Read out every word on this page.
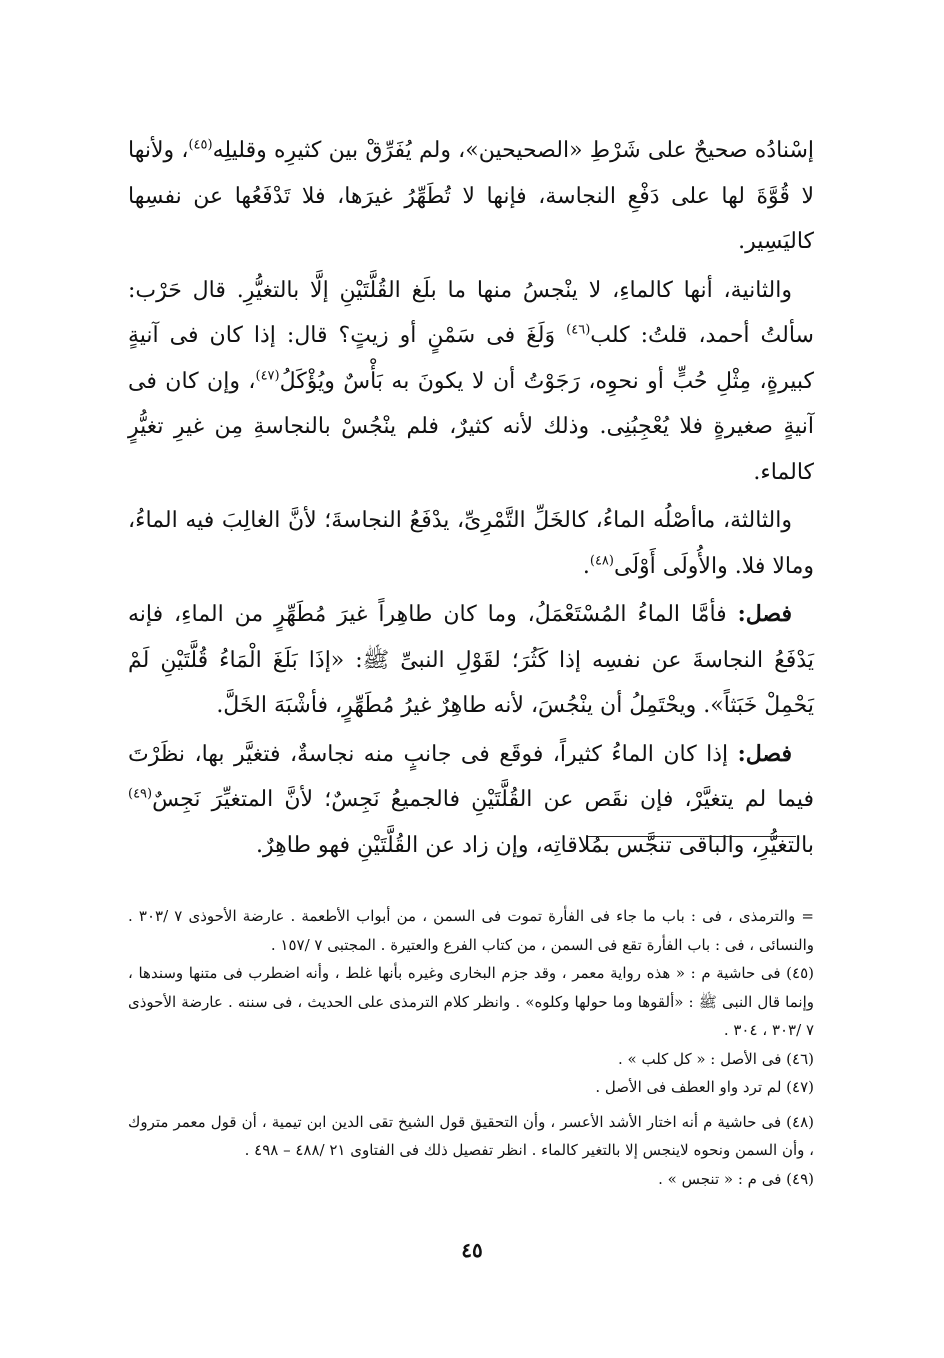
إسْنادُه صحيحٌ على شَرْطِ «الصحيحين»، ولم يُفَرِّقْ بين كثيرِه وقليلِه$^{(٤٥)}$، ولأنها لا قُوَّةَ لها على دَفْعِ النجاسة، فإنها لا تُطَهِّرُ غيرَها، فلا تَدْفَعُها عن نفسِها كاليَسِير.

والثانية، أنها كالماءِ، لا ينْجسُ منها ما بلَغ القُلَّتَيْنِ إلَّا بالتغيُّرِ. قال حَرْب: سألتُ أحمد، قلتُ: كلب$^{(٤٦)}$ وَلَغَ فى سَمْنٍ أو زيتٍ؟ قال: إذا كان فى آنيةٍ كبيرةٍ، مِثْلِ حُبٍّ أو نحوِه، رَجَوْتُ أن لا يكونَ به بَأْسٌ ويُؤْكَلُ$^{(٤٧)}$، وإن كان فى آنيةٍ صغيرةٍ فلا يُعْجِبُنِى. وذلك لأنه كثيرٌ، فلم ينْجُسْ بالنجاسةِ مِن غيرِ تغيُّرٍ كالماء.

والثالثة، ماأصْلُه الماءُ، كالخَلِّ التَّمْرِىِّ، يدْفَعُ النجاسةَ؛ لأنَّ الغالِبَ فيه الماءُ، ومالا فلا. والأُولَى أَوْلَى$^{(٤٨)}$.

فصل: فأمَّا الماءُ المُسْتَعْمَلُ، وما كان طاهِراً غيرَ مُطَهِّرٍ من الماءِ، فإنه يَدْفَعُ النجاسةَ عن نفسِه إذا كَثُرَ؛ لقَوْلِ النبىِّ ﷺ: «إذَا بَلَغَ الْمَاءُ قُلَّتَيْنِ لَمْ يَحْمِلْ خَبَثاً». ويحْتَمِلُ أن ينْجُسَ، لأنه طاهِرٌ غيرُ مُطَهِّرٍ، فأشْبَهَ الخَلَّ.

فصل: إذا كان الماءُ كثيراً، فوقَع فى جانبٍ منه نجاسةٌ، فتغيَّر بها، نظَرْتَ فيما لم يتغيَّرْ، فإن نقَص عن القُلَّتَيْنِ فالجميعُ نَجِسٌ؛ لأنَّ المتغيِّرَ نَجِسٌ$^{(٤٩)}$ بالتغيُّرِ، والباقى تنجَّس بمُلاقاتِه، وإن زاد عن القُلَّتَيْنِ فهو طاهِرٌ.

= والترمذى ، فى : باب ما جاء فى الفأرة تموت فى السمن ، من أبواب الأطعمة . عارضة الأحوذى ٧ /٣٠٣ . والنسائى ، فى : باب الفأرة تقع فى السمن ، من كتاب الفرع والعتيرة . المجتبى ٧ /١٥٧ .

(٤٥) فى حاشية م : « هذه رواية معمر ، وقد جزم البخارى وغيره بأنها غلط ، وأنه اضطرب فى متنها وسندها ، وإنما قال النبى ﷺ : «ألقوها وما حولها وكلوه» . وانظر كلام الترمذى على الحديث ، فى سننه . عارضة الأحوذى ٧ /٣٠٣ ، ٣٠٤ .

(٤٦) فى الأصل : « كل كلب » .

(٤٧) لم ترد واو العطف فى الأصل .

(٤٨) فى حاشية م أنه اختار الأشد الأعسر ، وأن التحقيق قول الشيخ تقى الدين ابن تيمية ، أن قول معمر متروك ، وأن السمن ونحوه لاينجس إلا بالتغير كالماء . انظر تفصيل ذلك فى الفتاوى ٢١ /٤٨٨ – ٤٩٨ .

(٤٩) فى م : « تنجس » .

٤٥
